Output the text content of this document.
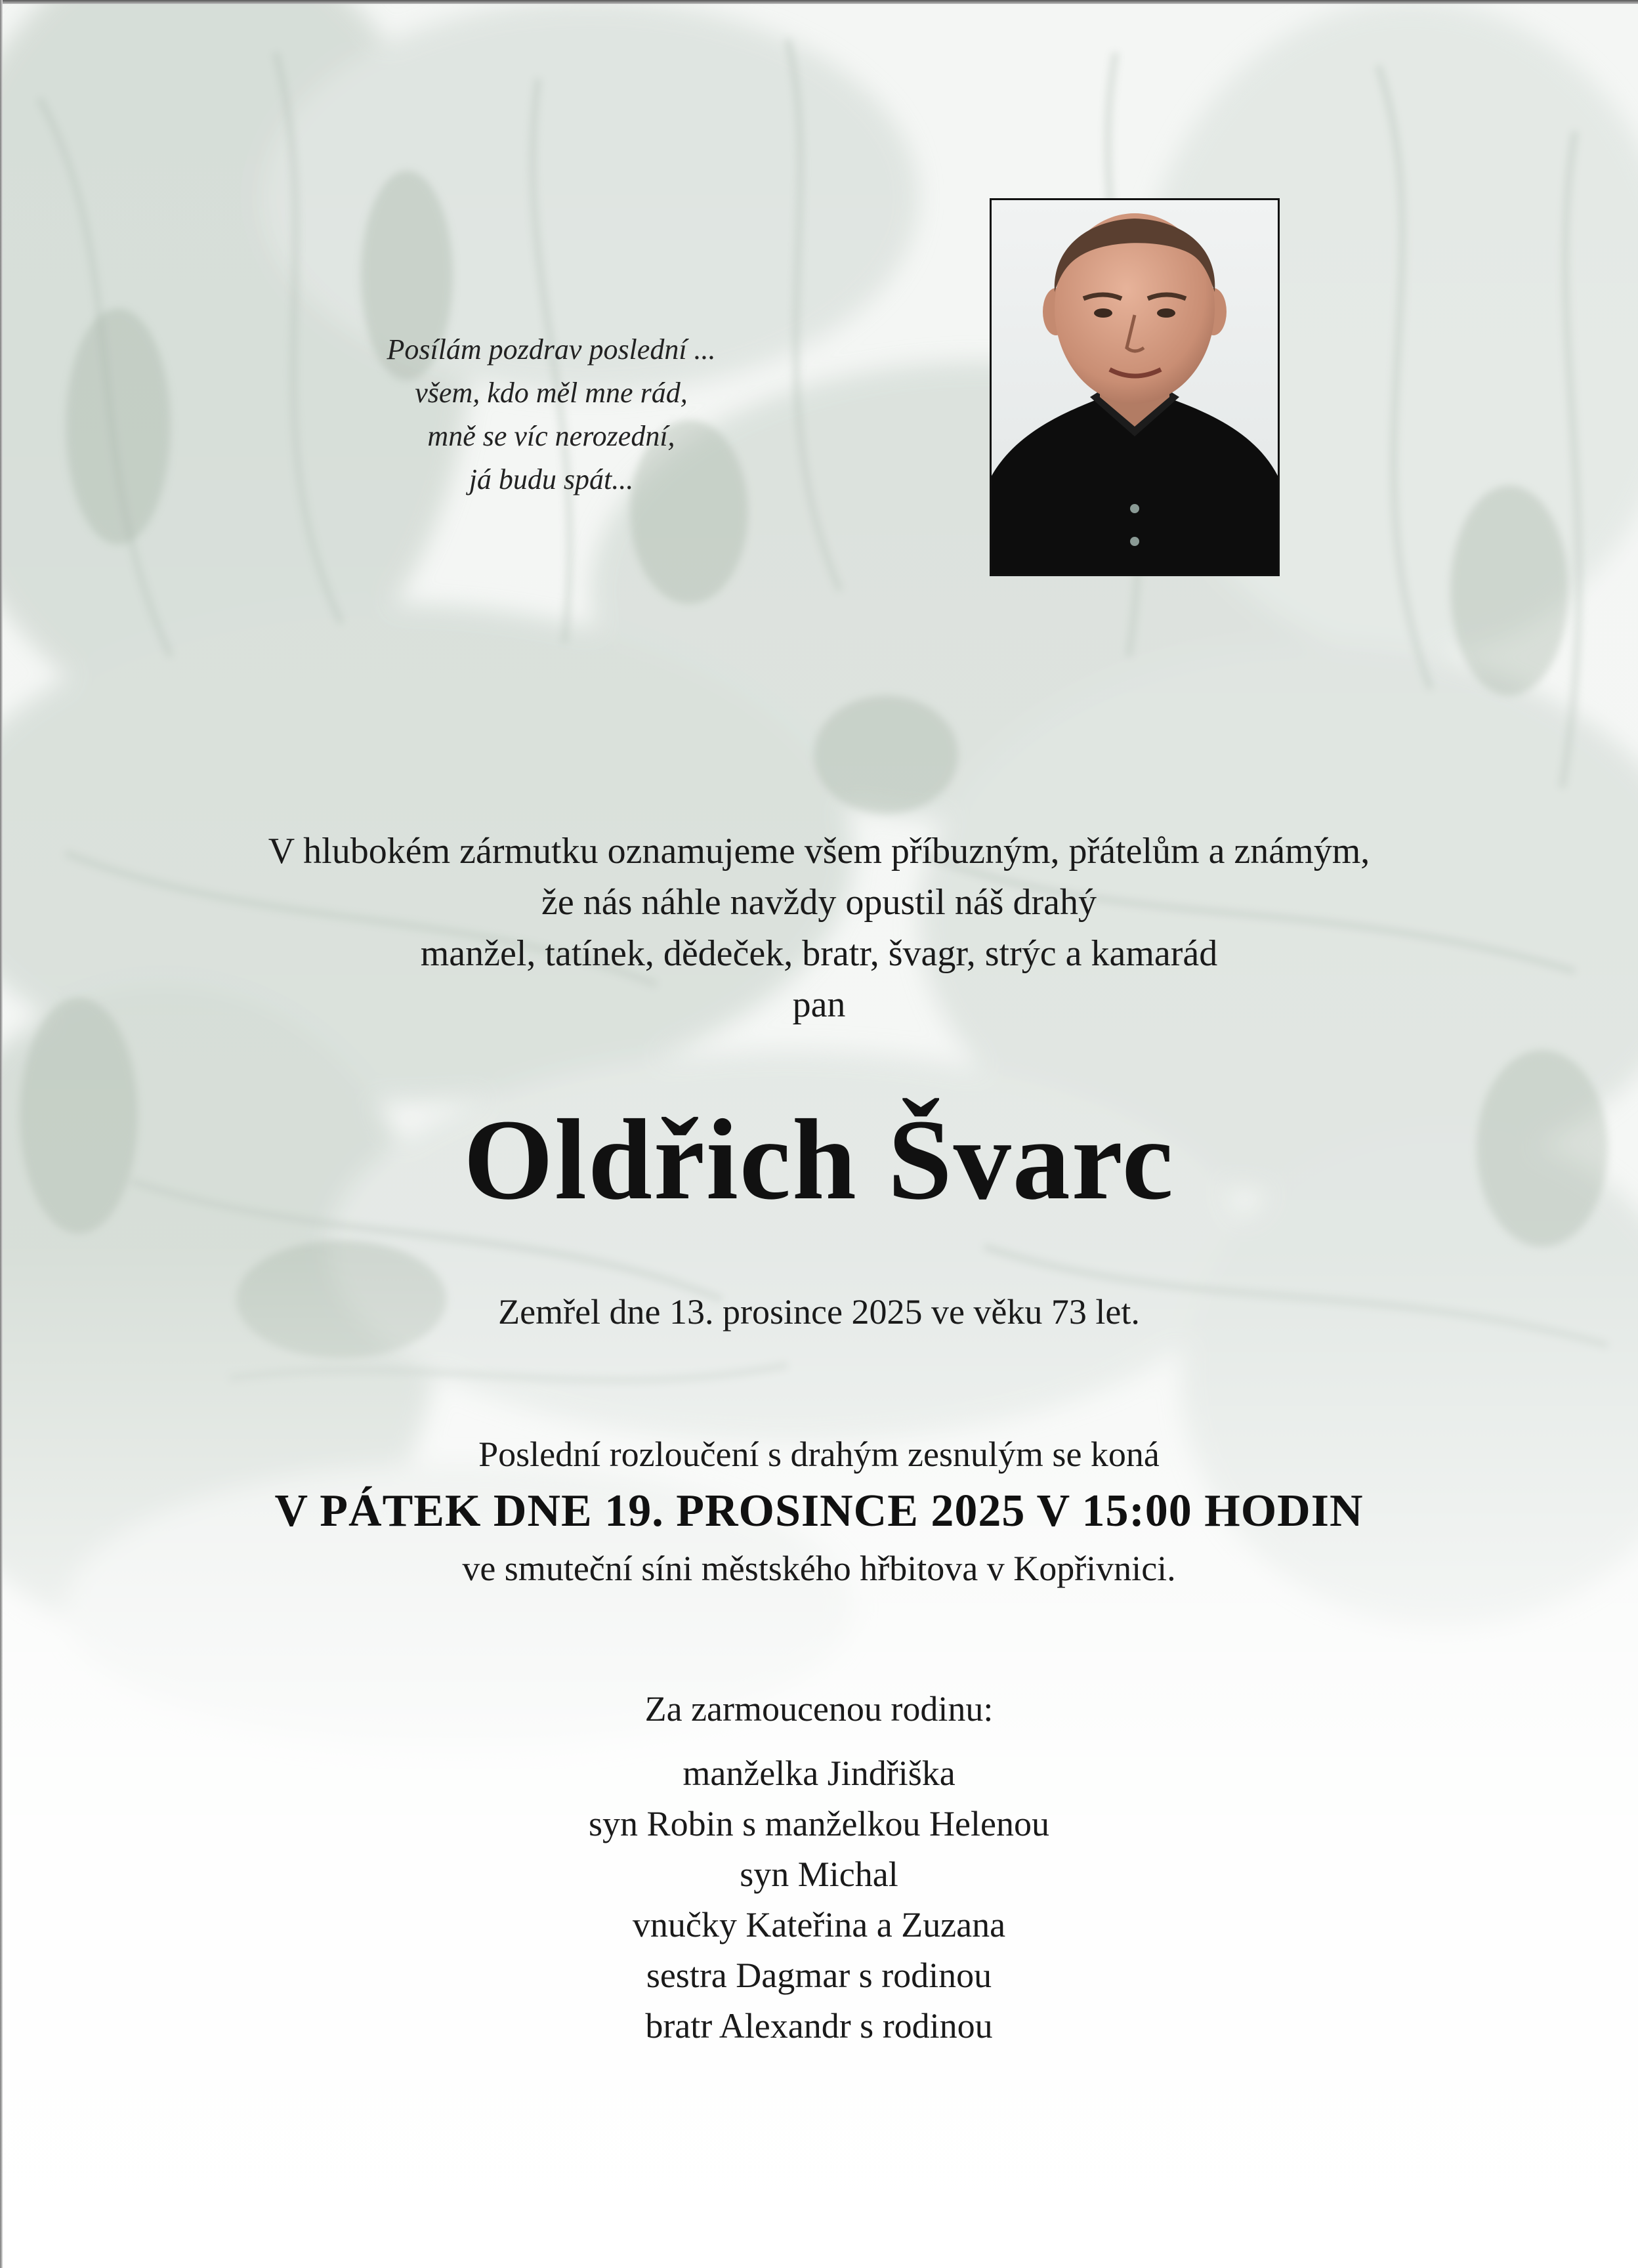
Posílám pozdrav poslední ...
všem, kdo měl mne rád,
mně se víc nerozední,
já budu spát...
V hlubokém zármutku oznamujeme všem příbuzným, přátelům a známým,
že nás náhle navždy opustil náš drahý
manžel, tatínek, dědeček, bratr, švagr, strýc a kamarád
pan
Oldřich Švarc
Zemřel dne 13. prosince 2025 ve věku 73 let.
Poslední rozloučení s drahým zesnulým se koná
V PÁTEK DNE 19. PROSINCE 2025 V 15:00 HODIN
ve smuteční síni městského hřbitova v Kopřivnici.
Za zarmoucenou rodinu:
manželka Jindřiška
syn Robin s manželkou Helenou
syn Michal
vnučky Kateřina a Zuzana
sestra Dagmar s rodinou
bratr Alexandr s rodinou
